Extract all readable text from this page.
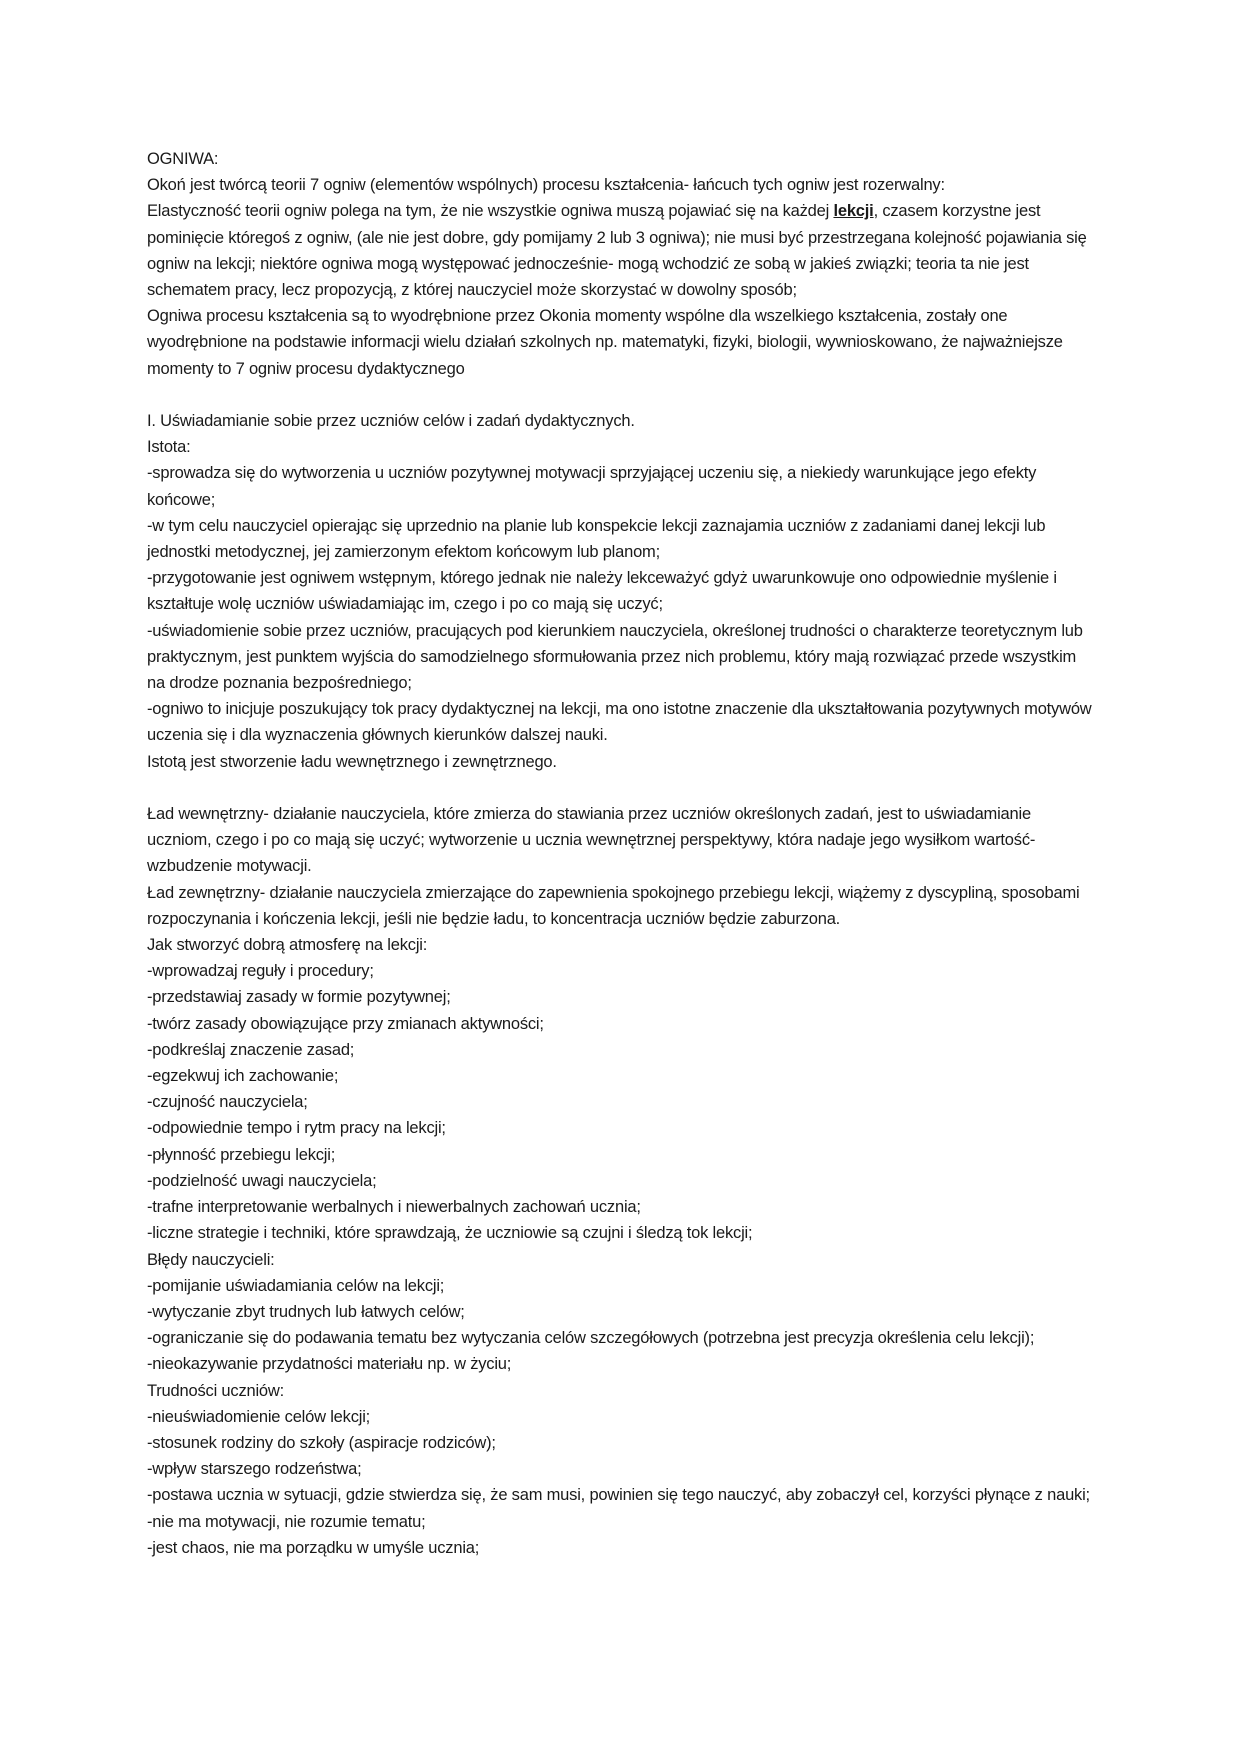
OGNIWA:

Okoń jest twórcą teorii 7 ogniw (elementów wspólnych) procesu kształcenia- łańcuch tych ogniw jest rozerwalny:

Elastyczność teorii ogniw polega na tym, że nie wszystkie ogniwa muszą pojawiać się na każdej lekcji, czasem korzystne jest pominięcie któregoś z ogniw, (ale nie jest dobre, gdy pomijamy 2 lub 3 ogniwa); nie musi być przestrzegana kolejność pojawiania się ogniw na lekcji; niektóre ogniwa mogą występować jednocześnie- mogą wchodzić ze sobą w jakieś związki; teoria ta nie jest schematem pracy, lecz propozycją, z której nauczyciel może skorzystać w dowolny sposób;

Ogniwa procesu kształcenia są to wyodrębnione przez Okonia momenty wspólne dla wszelkiego kształcenia, zostały one wyodrębnione na podstawie informacji wielu działań szkolnych np. matematyki, fizyki, biologii, wywnioskowano, że najważniejsze momenty to 7 ogniw procesu dydaktycznego

I. Uświadamianie sobie przez uczniów celów i zadań dydaktycznych.

Istota:

-sprowadza się do wytworzenia u uczniów pozytywnej motywacji sprzyjającej uczeniu się, a niekiedy warunkujące jego efekty końcowe;

-w tym celu nauczyciel opierając się uprzednio na planie lub konspekcie lekcji zaznajamia uczniów z zadaniami danej lekcji lub jednostki metodycznej, jej zamierzonym efektom końcowym lub planom;

-przygotowanie jest ogniwem wstępnym, którego jednak nie należy lekceważyć gdyż uwarunkowuje ono odpowiednie myślenie i kształtuje wolę uczniów uświadamiając im, czego i po co mają się uczyć;

-uświadomienie sobie przez uczniów, pracujących pod kierunkiem nauczyciela, określonej trudności o charakterze teoretycznym lub praktycznym, jest punktem wyjścia do samodzielnego sformułowania przez nich problemu, który mają rozwiązać przede wszystkim na drodze poznania bezpośredniego;

-ogniwo to inicjuje poszukujący tok pracy dydaktycznej na lekcji, ma ono istotne znaczenie dla ukształtowania pozytywnych motywów uczenia się i dla wyznaczenia głównych kierunków dalszej nauki.

Istotą jest stworzenie ładu wewnętrznego i zewnętrznego.

Ład wewnętrzny- działanie nauczyciela, które zmierza do stawiania przez uczniów określonych zadań, jest to uświadamianie uczniom, czego i po co mają się uczyć; wytworzenie u ucznia wewnętrznej perspektywy, która nadaje jego wysiłkom wartość- wzbudzenie motywacji.

Ład zewnętrzny- działanie nauczyciela zmierzające do zapewnienia spokojnego przebiegu lekcji, wiążemy z dyscypliną, sposobami rozpoczynania i kończenia lekcji, jeśli nie będzie ładu, to koncentracja uczniów będzie zaburzona.

Jak stworzyć dobrą atmosferę na lekcji:

-wprowadzaj reguły i procedury;

-przedstawiaj zasady w formie pozytywnej;

-twórz zasady obowiązujące przy zmianach aktywności;

-podkreślaj znaczenie zasad;

-egzekwuj ich zachowanie;

-czujność nauczyciela;

-odpowiednie tempo i rytm pracy na lekcji;

-płynność przebiegu lekcji;

-podzielność uwagi nauczyciela;

-trafne interpretowanie werbalnych i niewerbalnych zachowań ucznia;

-liczne strategie i techniki, które sprawdzają, że uczniowie są czujni i śledzą tok lekcji;

Błędy nauczycieli:

-pomijanie uświadamiania celów na lekcji;

-wytyczanie zbyt trudnych lub łatwych celów;

-ograniczanie się do podawania tematu bez wytyczania celów szczegółowych (potrzebna jest precyzja określenia celu lekcji);

-nieokazywanie przydatności materiału np. w życiu;

Trudności uczniów:

-nieuświadomienie celów lekcji;

-stosunek rodziny do szkoły (aspiracje rodziców);

-wpływ starszego rodzeństwa;

-postawa ucznia w sytuacji, gdzie stwierdza się, że sam musi, powinien się tego nauczyć, aby zobaczył cel, korzyści płynące z nauki;

-nie ma motywacji, nie rozumie tematu;

-jest chaos, nie ma porządku w umyśle ucznia;
